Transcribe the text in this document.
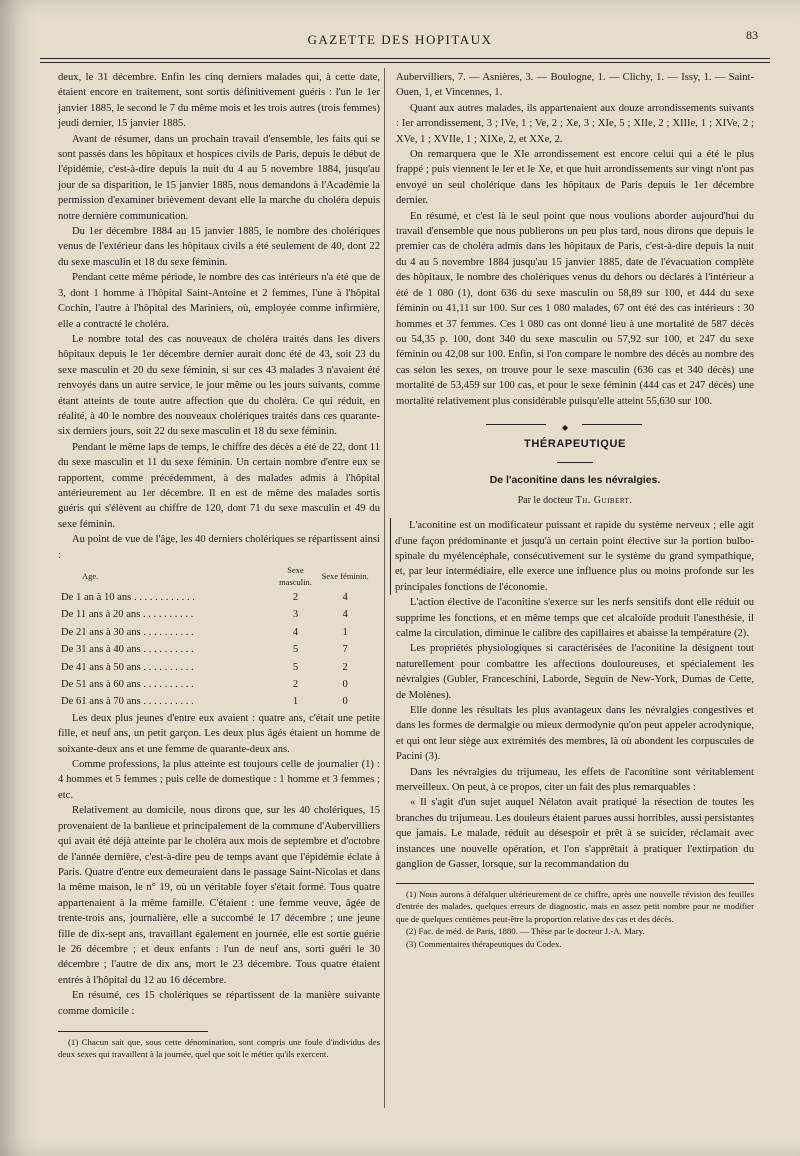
GAZETTE DES HOPITAUX	83

deux, le 31 décembre. Enfin les cinq derniers malades qui, à cette date, étaient encore en traitement, sont sortis définitivement guéris : l'un le 1er janvier 1885, le second le 7 du même mois et les trois autres (trois femmes) jeudi dernier, 15 janvier 1885.

Avant de résumer, dans un prochain travail d'ensemble, les faits qui se sont passés dans les hôpitaux et hospices civils de Paris, depuis le début de l'épidémie, c'est-à-dire depuis la nuit du 4 au 5 novembre 1884, jusqu'au jour de sa disparition, le 15 janvier 1885, nous demandons à l'Académie la permission d'examiner brièvement devant elle la marche du choléra depuis notre dernière communication.

Du 1er décembre 1884 au 15 janvier 1885, le nombre des cholériques venus de l'extérieur dans les hôpitaux civils a été seulement de 40, dont 22 du sexe masculin et 18 du sexe féminin.

Pendant cette même période, le nombre des cas intérieurs n'a été que de 3, dont 1 homme à l'hôpital Saint-Antoine et 2 femmes, l'une à l'hôpital Cochin, l'autre à l'hôpital des Mariniers, où, employée comme infirmière, elle a contracté le choléra.

Le nombre total des cas nouveaux de choléra traités dans les divers hôpitaux depuis le 1er décembre dernier aurait donc été de 43, soit 23 du sexe masculin et 20 du sexe féminin, si sur ces 43 malades 3 n'avaient été renvoyés dans un autre service, le jour même ou les jours suivants, comme étant atteints de toute autre affection que du choléra. Ce qui réduit, en réalité, à 40 le nombre des nouveaux cholériques traités dans ces quarante-six derniers jours, soit 22 du sexe masculin et 18 du sexe féminin.

Pendant le même laps de temps, le chiffre des décès a été de 22, dont 11 du sexe masculin et 11 du sexe féminin. Un certain nombre d'entre eux se rapportent, comme précédemment, à des malades admis à l'hôpital antérieurement au 1er décembre. Il en est de même des malades sortis guéris qui s'élèvent au chiffre de 120, dont 71 du sexe masculin et 49 du sexe féminin.

Au point de vue de l'âge, les 40 derniers cholériques se répartissent ainsi :

Age.	Sexe masculin.	Sexe féminin.
De 1 an à 10 ans . . . . . . . . . . . .	2	4
De 11 ans à 20 ans . . . . . . . . . .	3	4
De 21 ans à 30 ans . . . . . . . . . .	4	1
De 31 ans à 40 ans . . . . . . . . . .	5	7
De 41 ans à 50 ans . . . . . . . . . .	5	2
De 51 ans à 60 ans . . . . . . . . . .	2	0
De 61 ans à 70 ans . . . . . . . . . .	1	0

Les deux plus jeunes d'entre eux avaient : quatre ans, c'était une petite fille, et neuf ans, un petit garçon. Les deux plus âgés étaient un homme de soixante-deux ans et une femme de quarante-deux ans.

Comme professions, la plus atteinte est toujours celle de journalier (1) : 4 hommes et 5 femmes ; puis celle de domestique : 1 homme et 3 femmes ; etc.

Relativement au domicile, nous dirons que, sur les 40 cholériques, 15 provenaient de la banlieue et principalement de la commune d'Aubervilliers qui avait été déjà atteinte par le choléra aux mois de septembre et d'octobre de l'année dernière, c'est-à-dire peu de temps avant que l'épidémie éclate à Paris. Quatre d'entre eux demeuraient dans le passage Saint-Nicolas et dans la même maison, le n° 19, où un véritable foyer s'était formé. Tous quatre appartenaient à la même famille. C'étaient : une femme veuve, âgée de trente-trois ans, journalière, elle a succombé le 17 décembre ; une jeune fille de dix-sept ans, travaillant également en journée, elle est sortie guérie le 26 décembre ; et deux enfants : l'un de neuf ans, sorti guéri le 30 décembre ; l'autre de dix ans, mort le 23 décembre. Tous quatre étaient entrés à l'hôpital du 12 au 16 décembre.

En résumé, ces 15 cholériques se répartissent de la manière suivante comme domicile :

(1) Chacun sait que, sous cette dénomination, sont compris une foule d'individus des deux sexes qui travaillent à la journée, quel que soit le métier qu'ils exercent.

Aubervilliers, 7. — Asnières, 3. — Boulogne, 1. — Clichy, 1. — Issy, 1. — Saint-Ouen, 1, et Vincennes, 1.

Quant aux autres malades, ils appartenaient aux douze arrondissements suivants : Ier arrondissement, 3 ; IVe, 1 ; Ve, 2 ; Xe, 3 ; XIe, 5 ; XIIe, 2 ; XIIIe, 1 ; XIVe, 2 ; XVe, 1 ; XVIIe, 1 ; XIXe, 2, et XXe, 2.

On remarquera que le XIe arrondissement est encore celui qui a été le plus frappé ; puis viennent le Ier et le Xe, et que huit arrondissements sur vingt n'ont pas envoyé un seul cholérique dans les hôpitaux de Paris depuis le 1er décembre dernier.

En résumé, et c'est là le seul point que nous voulions aborder aujourd'hui du travail d'ensemble que nous publierons un peu plus tard, nous dirons que depuis le premier cas de choléra admis dans les hôpitaux de Paris, c'est-à-dire depuis la nuit du 4 au 5 novembre 1884 jusqu'au 15 janvier 1885, date de l'évacuation complète des hôpitaux, le nombre des cholériques venus du dehors ou déclarés à l'intérieur a été de 1 080 (1), dont 636 du sexe masculin ou 58,89 sur 100, et 444 du sexe féminin ou 41,11 sur 100. Sur ces 1 080 malades, 67 ont été des cas intérieurs : 30 hommes et 37 femmes. Ces 1 080 cas ont donné lieu à une mortalité de 587 décès ou 54,35 p. 100, dont 340 du sexe masculin ou 57,92 sur 100, et 247 du sexe féminin ou 42,08 sur 100. Enfin, si l'on compare le nombre des décès au nombre des cas selon les sexes, on trouve pour le sexe masculin (636 cas et 340 décès) une mortalité de 53,459 sur 100 cas, et pour le sexe féminin (444 cas et 247 décès) une mortalité relativement plus considérable puisqu'elle atteint 55,630 sur 100.

◆
THÉRAPEUTIQUE
De l'aconitine dans les névralgies.
Par le docteur Th. Guibert.

L'aconitine est un modificateur puissant et rapide du système nerveux ; elle agit d'une façon prédominante et jusqu'à un certain point élective sur la portion bulbo-spinale du myélencéphale, consécutivement sur le système du grand sympathique, et, par leur intermédiaire, elle exerce une influence plus ou moins profonde sur les principales fonctions de l'économie.

L'action élective de l'aconitine s'exerce sur les nerfs sensitifs dont elle réduit ou supprime les fonctions, et en même temps que cet alcaloïde produit l'anesthésie, il calme la circulation, diminue le calibre des capillaires et abaisse la température (2).

Les propriétés physiologiques si caractérisées de l'aconitine la désignent tout naturellement pour combattre les affections douloureuses, et spécialement les névralgies (Gubler, Franceschini, Laborde, Seguin de New-York, Dumas de Cette, de Molènes).

Elle donne les résultats les plus avantageux dans les névralgies congestives et dans les formes de dermalgie ou mieux dermodynie qu'on peut appeler acrodynique, et qui ont leur siège aux extrémités des membres, là où abondent les corpuscules de Pacini (3).

Dans les névralgies du trijumeau, les effets de l'aconitine sont véritablement merveilleux. On peut, à ce propos, citer un fait des plus remarquables :

« Il s'agit d'un sujet auquel Nélaton avait pratiqué la résection de toutes les branches du trijumeau. Les douleurs étaient parues aussi horribles, aussi persistantes que jamais. Le malade, réduit au désespoir et prêt à se suicider, réclamait avec instances une nouvelle opération, et l'on s'apprêtait à pratiquer l'extirpation du ganglion de Gasser, lorsque, sur la recommandation du

(1) Nous aurons à défalquer ultérieurement de ce chiffre, après une nouvelle révision des feuilles d'entrée des malades, quelques erreurs de diagnostic, mais en assez petit nombre pour ne modifier que de quelques centièmes peut-être la proportion relative des cas et des décès.

(2) Fac. de méd. de Paris, 1880. — Thèse par le docteur J.-A. Mary.

(3) Commentaires thérapeutiques du Codex.
